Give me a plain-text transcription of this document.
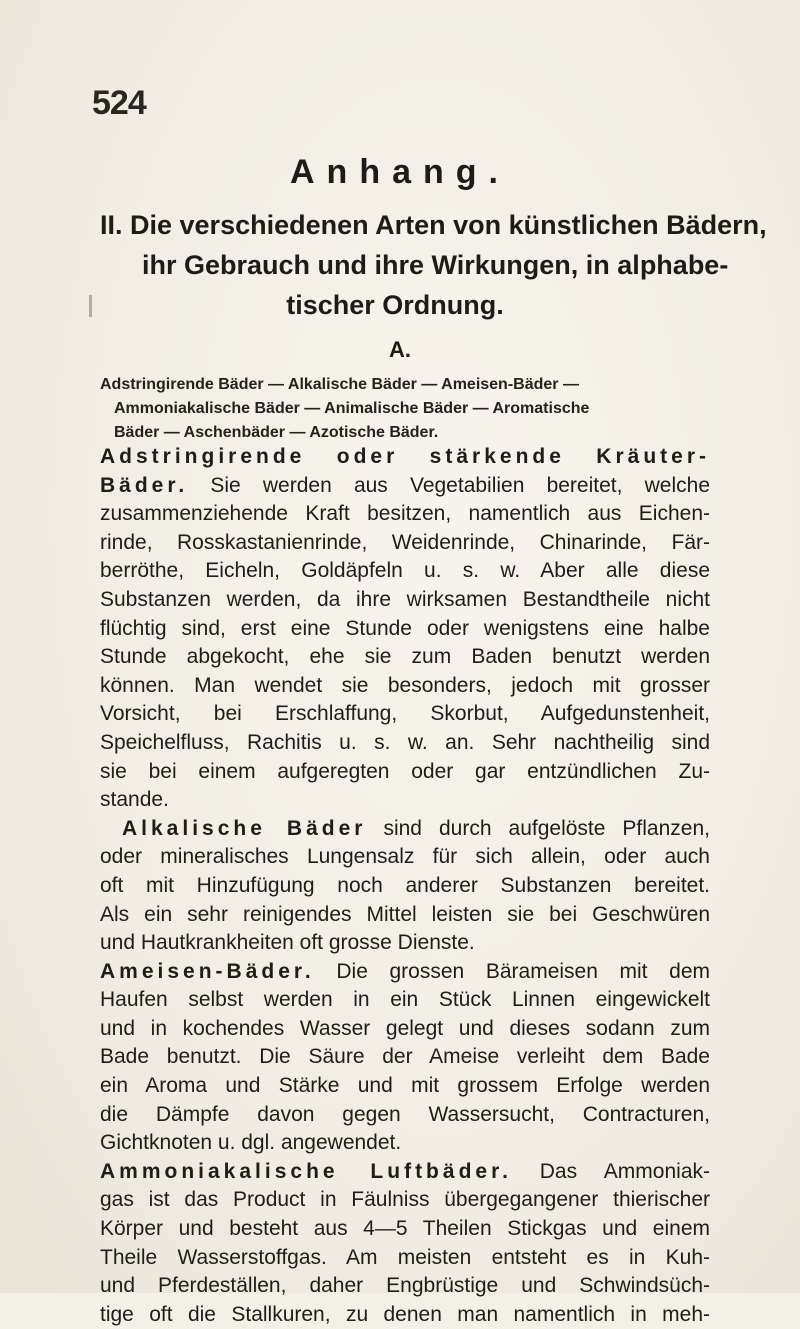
524
Anhang.
II. Die verschiedenen Arten von künstlichen Bädern,
ihr Gebrauch und ihre Wirkungen, in alphabe-
tischer Ordnung.
A.
Adstringirende Bäder — Alkalische Bäder — Ameisen-Bäder —
Ammoniakalische Bäder — Animalische Bäder — Aromatische
Bäder — Aschenbäder — Azotische Bäder.
Adstringirende oder stärkende Kräuter-
Bäder. Sie werden aus Vegetabilien bereitet, welche
zusammenziehende Kraft besitzen, namentlich aus Eichen-
rinde, Rosskastanienrinde, Weidenrinde, Chinarinde, Fär-
berröthe, Eicheln, Goldäpfeln u. s. w. Aber alle diese
Substanzen werden, da ihre wirksamen Bestandtheile nicht
flüchtig sind, erst eine Stunde oder wenigstens eine halbe
Stunde abgekocht, ehe sie zum Baden benutzt werden
können. Man wendet sie besonders, jedoch mit grosser
Vorsicht, bei Erschlaffung, Skorbut, Aufgedunstenheit,
Speichelfluss, Rachitis u. s. w. an. Sehr nachtheilig sind
sie bei einem aufgeregten oder gar entzündlichen Zu-
stande.
Alkalische Bäder sind durch aufgelöste Pflanzen,
oder mineralisches Lungensalz für sich allein, oder auch
oft mit Hinzufügung noch anderer Substanzen bereitet.
Als ein sehr reinigendes Mittel leisten sie bei Geschwüren
und Hautkrankheiten oft grosse Dienste.
Ameisen-Bäder. Die grossen Bärameisen mit dem
Haufen selbst werden in ein Stück Linnen eingewickelt
und in kochendes Wasser gelegt und dieses sodann zum
Bade benutzt. Die Säure der Ameise verleiht dem Bade
ein Aroma und Stärke und mit grossem Erfolge werden
die Dämpfe davon gegen Wassersucht, Contracturen,
Gichtknoten u. dgl. angewendet.
Ammoniakalische Luftbäder. Das Ammoniak-
gas ist das Product in Fäulniss übergegangener thierischer
Körper und besteht aus 4—5 Theilen Stickgas und einem
Theile Wasserstoffgas. Am meisten entsteht es in Kuh-
und Pferdeställen, daher Engbrüstige und Schwindsüch-
tige oft die Stallkuren, zu denen man namentlich in meh-
